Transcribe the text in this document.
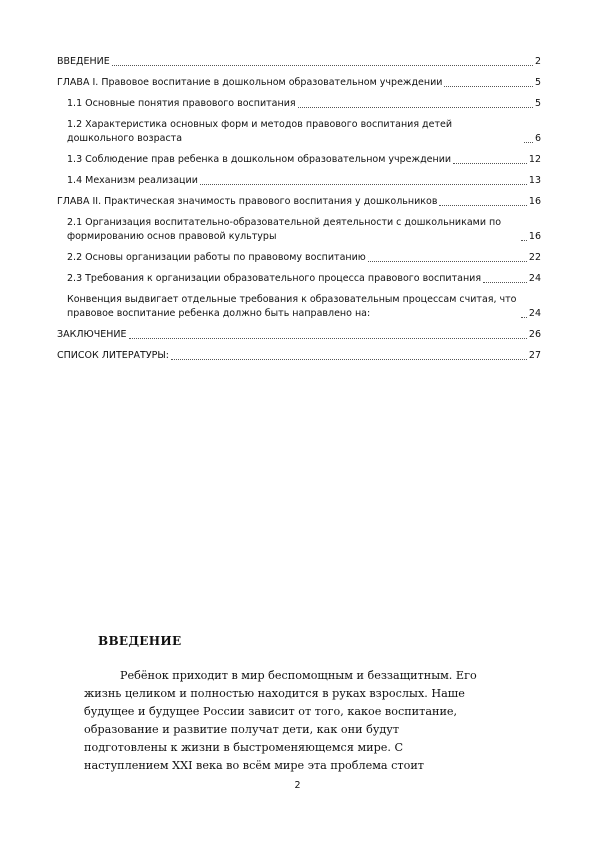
ВВЕДЕНИЕ	2
ГЛАВА I. Правовое воспитание в дошкольном образовательном учреждении	5
1.1 Основные понятия правового воспитания	5
1.2 Характеристика основных форм и методов правового воспитания детей дошкольного возраста	6
1.3 Соблюдение прав ребенка в дошкольном образовательном учреждении	12
1.4 Механизм реализации	13
ГЛАВА II. Практическая значимость правового воспитания у дошкольников	16
2.1 Организация воспитательно-образовательной деятельности с дошкольниками по формированию основ правовой культуры	16
2.2 Основы организации работы по правовому воспитанию	22
2.3 Требования к организации образовательного процесса правового воспитания	24
Конвенция выдвигает отдельные требования к образовательным процессам считая, что правовое воспитание ребенка должно быть направлено на:	24
ЗАКЛЮЧЕНИЕ	26
СПИСОК ЛИТЕРАТУРЫ:	27
ВВЕДЕНИЕ

Ребёнок приходит в мир беспомощным и беззащитным. Его
жизнь целиком и полностью находится в руках взрослых. Наше
будущее и будущее России зависит от того, какое воспитание,
образование и развитие получат дети, как они будут
подготовлены к жизни в быстроменяющемся мире. С
наступлением XXI века во всём мире эта проблема стоит

2
